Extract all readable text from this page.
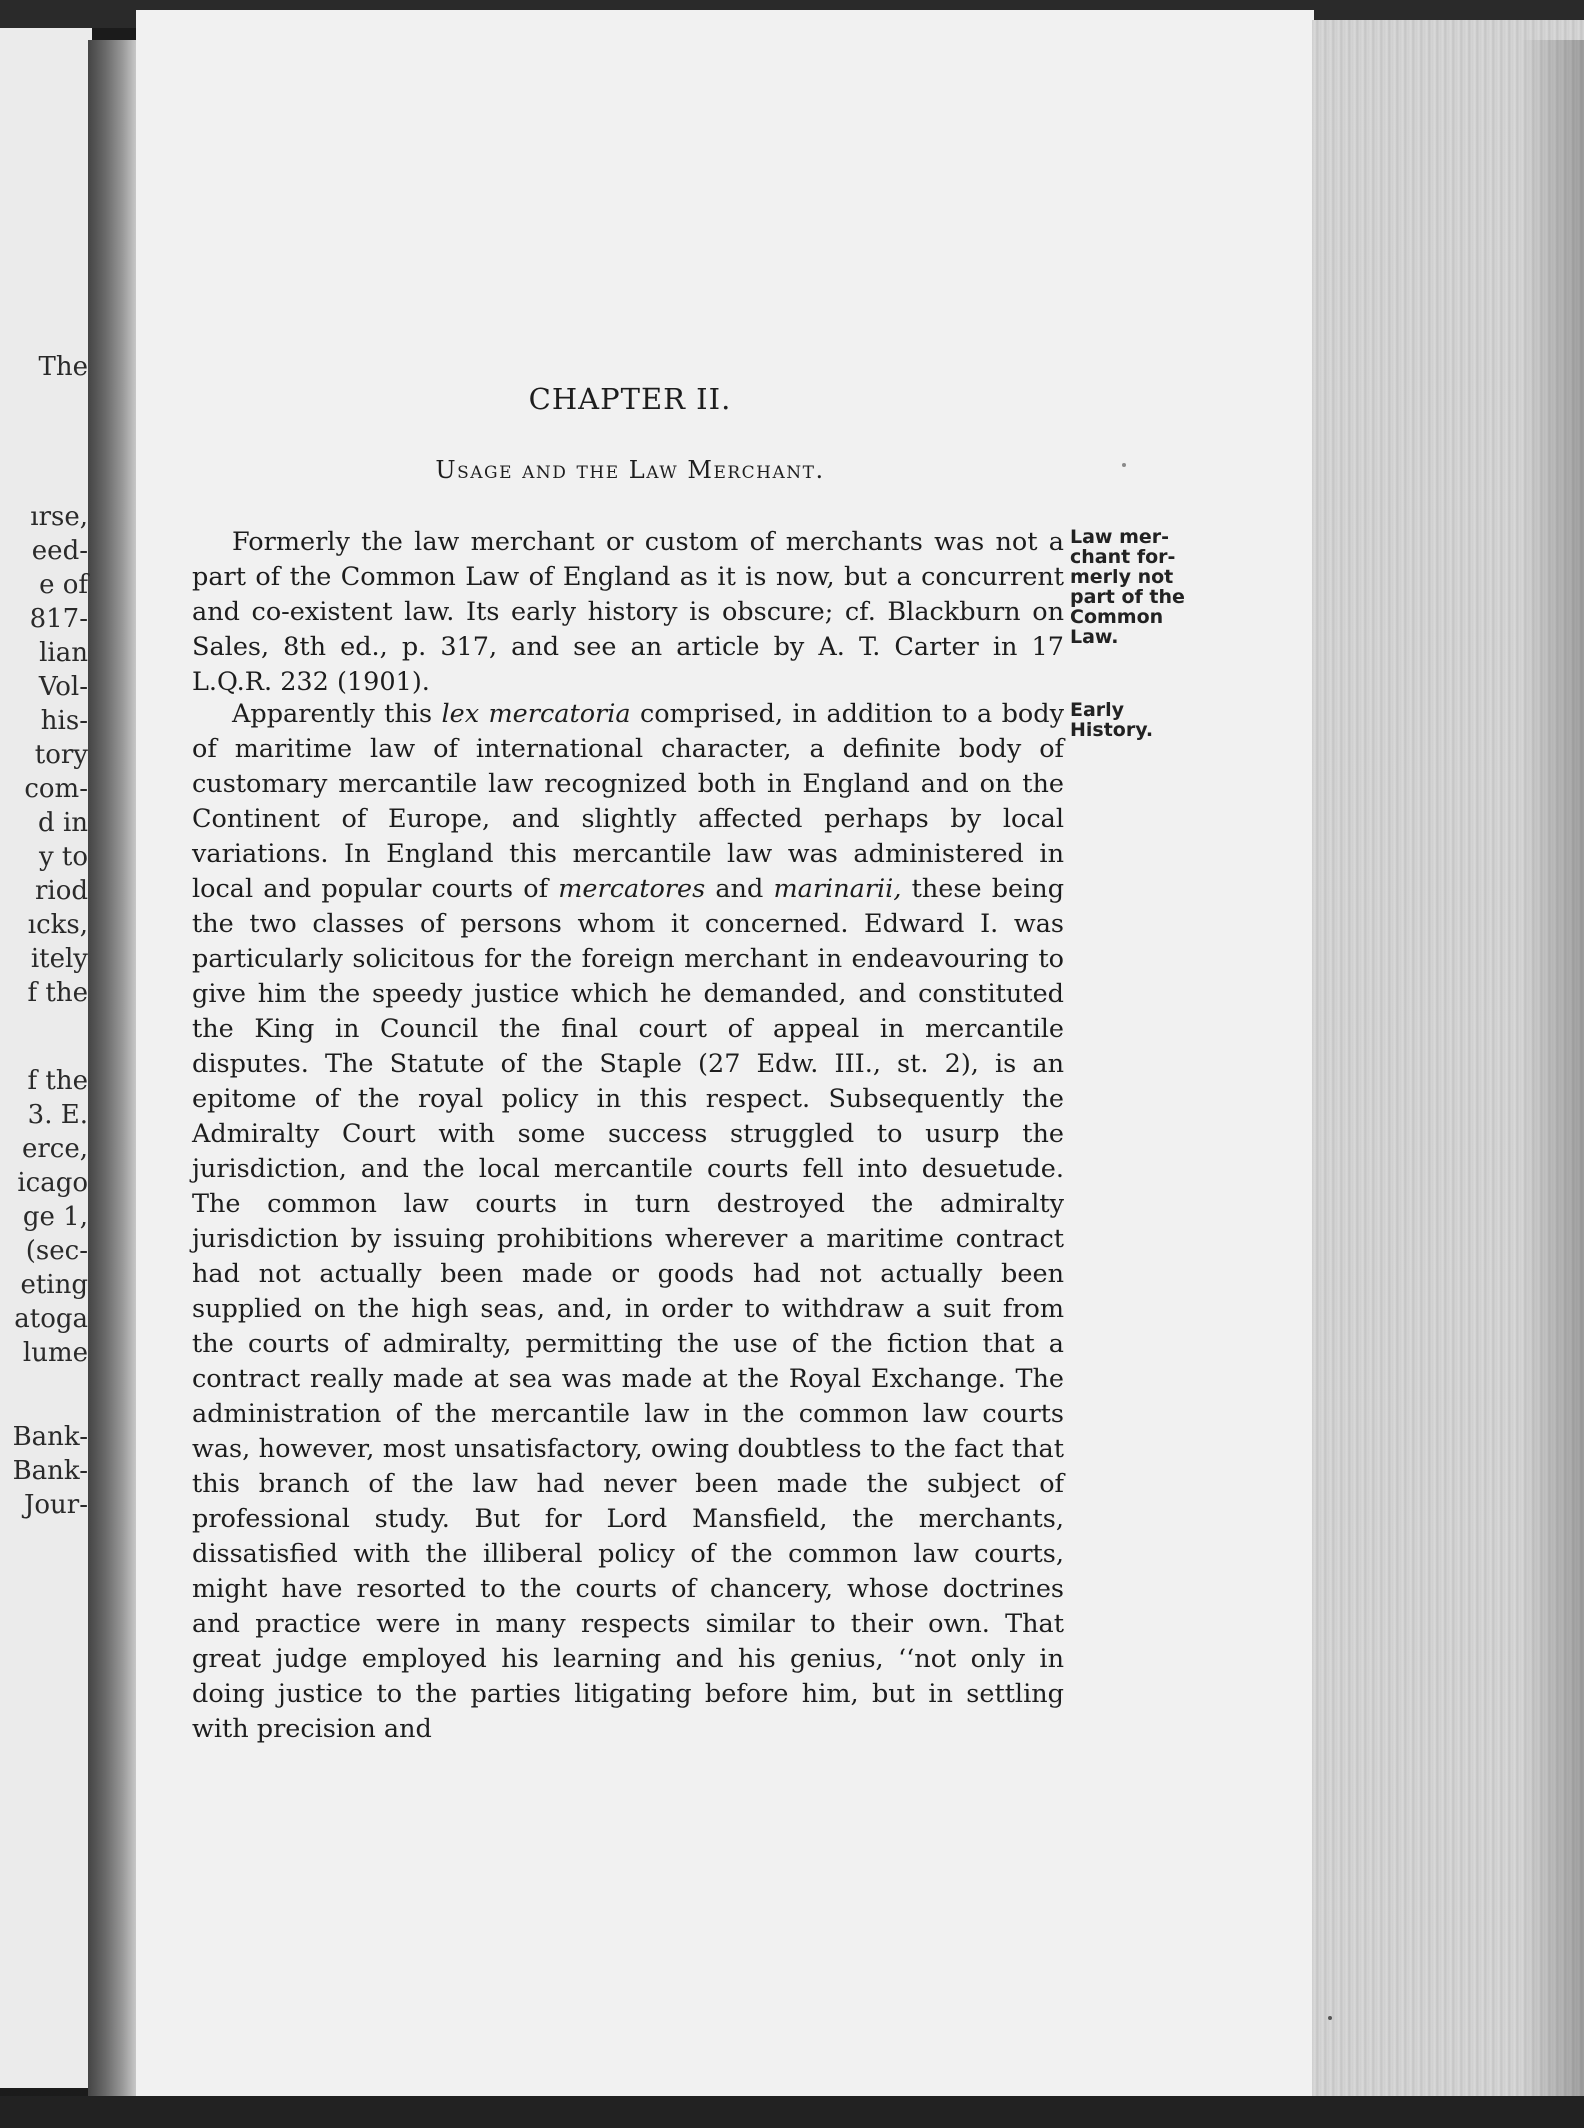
The

ırse,

eed-

e of

817-

lian

Vol-

his-

tory

com-

d in

y to

riod

ıcks,

itely

f the

f the

3. E.

erce,

icago

ge 1,

(sec-

eting

atoga

lume

Bank-

Bank-

Jour-

CHAPTER II.
Usage and the Law Merchant.

Formerly the law merchant or custom of merchants was not a part of the Common Law of England as it is now, but a concurrent and co-existent law. Its early history is obscure; cf. Blackburn on Sales, 8th ed., p. 317, and see an article by A. T. Carter in 17 L.Q.R. 232 (1901).

Apparently this lex mercatoria comprised, in addition to a body of maritime law of international character, a definite body of customary mercantile law recognized both in England and on the Continent of Europe, and slightly affected perhaps by local variations. In England this mercantile law was administered in local and popular courts of mercatores and marinarii, these being the two classes of persons whom it concerned. Edward I. was particularly solicitous for the foreign merchant in endeavouring to give him the speedy justice which he demanded, and constituted the King in Council the final court of appeal in mercantile disputes. The Statute of the Staple (27 Edw. III., st. 2), is an epitome of the royal policy in this respect. Subsequently the Admiralty Court with some success struggled to usurp the jurisdiction, and the local mercantile courts fell into desuetude. The common law courts in turn destroyed the admiralty jurisdiction by issuing prohibitions wherever a maritime contract had not actually been made or goods had not actually been supplied on the high seas, and, in order to withdraw a suit from the courts of admiralty, permitting the use of the fiction that a contract really made at sea was made at the Royal Exchange. The administration of the mercantile law in the common law courts was, however, most unsatisfactory, owing doubtless to the fact that this branch of the law had never been made the subject of professional study. But for Lord Mansfield, the merchants, dissatisfied with the illiberal policy of the common law courts, might have resorted to the courts of chancery, whose doctrines and practice were in many respects similar to their own. That great judge employed his learning and his genius, ‘‘not only in doing justice to the parties litigating before him, but in settling with precision and

Law mer-
chant for-
merly not
part of the
Common
Law.
Early
History.
